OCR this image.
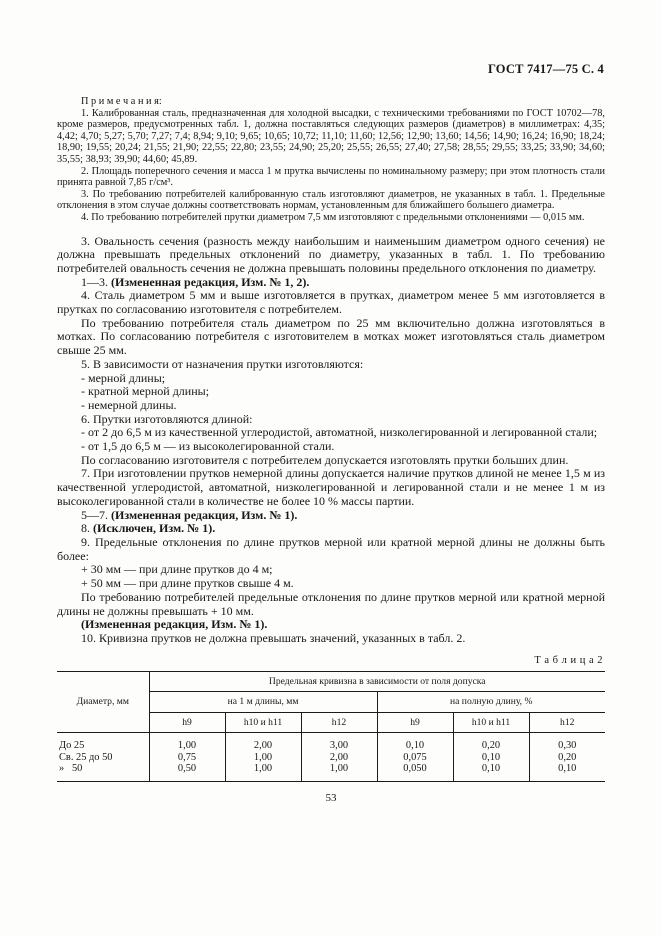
ГОСТ 7417—75 С. 4

П р и м е ч а н и я:

1. Калиброванная сталь, предназначенная для холодной высадки, с техническими требованиями по ГОСТ 10702—78, кроме размеров, предусмотренных табл. 1, должна поставляться следующих размеров (диаметров) в миллиметрах: 4,35; 4,42; 4,70; 5,27; 5,70; 7,27; 7,4; 8,94; 9,10; 9,65; 10,65; 10,72; 11,10; 11,60; 12,56; 12,90; 13,60; 14,56; 14,90; 16,24; 16,90; 18,24; 18,90; 19,55; 20,24; 21,55; 21,90; 22,55; 22,80; 23,55; 24,90; 25,20; 25,55; 26,55; 27,40; 27,58; 28,55; 29,55; 33,25; 33,90; 34,60; 35,55; 38,93; 39,90; 44,60; 45,89.

2. Площадь поперечного сечения и масса 1 м прутка вычислены по номинальному размеру; при этом плотность стали принята равной 7,85 г/см³.

3. По требованию потребителей калиброванную сталь изготовляют диаметров, не указанных в табл. 1. Предельные отклонения в этом случае должны соответствовать нормам, установленным для ближайшего большего диаметра.

4. По требованию потребителей прутки диаметром 7,5 мм изготовляют с предельными отклонениями — 0,015 мм.

3. Овальность сечения (разность между наибольшим и наименьшим диаметром одного сечения) не должна превышать предельных отклонений по диаметру, указанных в табл. 1. По требованию потребителей овальность сечения не должна превышать половины предельного отклонения по диаметру.

1—3. (Измененная редакция, Изм. № 1, 2).

4. Сталь диаметром 5 мм и выше изготовляется в прутках, диаметром менее 5 мм изготовляется в прутках по согласованию изготовителя с потребителем.

По требованию потребителя сталь диаметром по 25 мм включительно должна изготовляться в мотках. По согласованию потребителя с изготовителем в мотках может изготовляться сталь диаметром свыше 25 мм.

5. В зависимости от назначения прутки изготовляются:

- мерной длины;

- кратной мерной длины;

- немерной длины.

6. Прутки изготовляются длиной:

- от 2 до 6,5 м из качественной углеродистой, автоматной, низколегированной и легированной стали;

- от 1,5 до 6,5 м — из высоколегированной стали.

По согласованию изготовителя с потребителем допускается изготовлять прутки больших длин.

7. При изготовлении прутков немерной длины допускается наличие прутков длиной не менее 1,5 м из качественной углеродистой, автоматной, низколегированной и легированной стали и не менее 1 м из высоколегированной стали в количестве не более 10 % массы партии.

5—7. (Измененная редакция, Изм. № 1).

8. (Исключен, Изм. № 1).

9. Предельные отклонения по длине прутков мерной или кратной мерной длины не должны быть более:

+ 30 мм — при длине прутков до 4 м;

+ 50 мм — при длине прутков свыше 4 м.

По требованию потребителей предельные отклонения по длине прутков мерной или кратной мерной длины не должны превышать + 10 мм.

(Измененная редакция, Изм. № 1).

10. Кривизна прутков не должна превышать значений, указанных в табл. 2.

Т а б л и ц а 2
Диаметр, мм	Предельная кривизна в зависимости от поля допуска					
	на 1 м длины, мм			на полную длину, %		
	h9	h10 и h11	h12	h9	h10 и h11	h12
До 25	1,00	2,00	3,00	0,10	0,20	0,30
Св. 25 до 50	0,75	1,00	2,00	0,075	0,10	0,20
»   50	0,50	1,00	1,00	0,050	0,10	0,10
53
